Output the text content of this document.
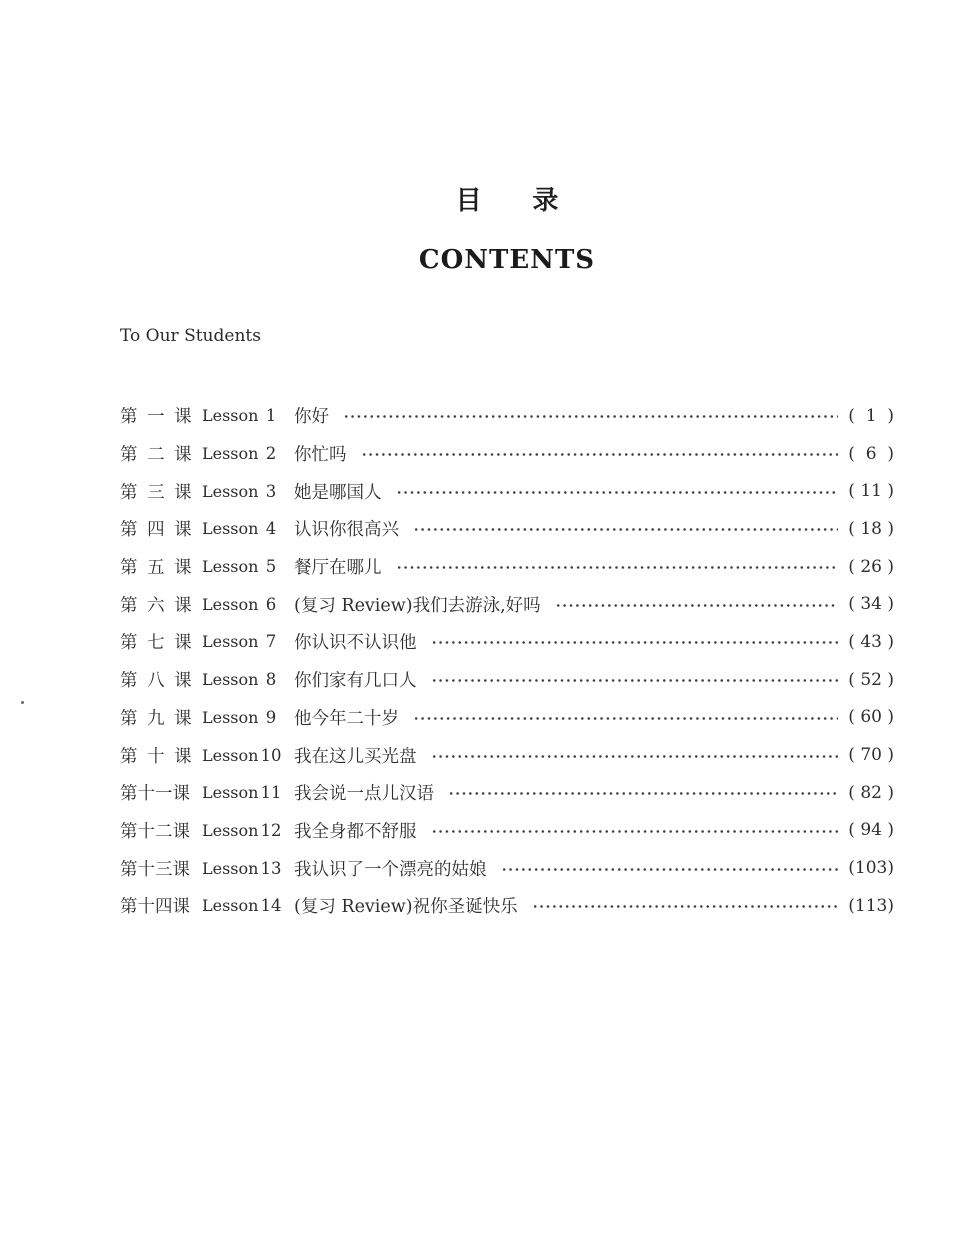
目 录
CONTENTS
To Our Students
第 一 课 Lesson 1	你好	(  1  )
第 二 课 Lesson 2	你忙吗	(  6  )
第 三 课 Lesson 3	她是哪国人	( 11 )
第 四 课 Lesson 4	认识你很高兴	( 18 )
第 五 课 Lesson 5	餐厅在哪儿	( 26 )
第 六 课 Lesson 6	(复习 Review)我们去游泳,好吗	( 34 )
第 七 课 Lesson 7	你认识不认识他	( 43 )
第 八 课 Lesson 8	你们家有几口人	( 52 )
第 九 课 Lesson 9	他今年二十岁	( 60 )
第 十 课 Lesson 10 我在这儿买光盘	( 70 )
第十一课 Lesson 11 我会说一点儿汉语	( 82 )
第十二课 Lesson 12 我全身都不舒服	( 94 )
第十三课 Lesson 13 我认识了一个漂亮的姑娘	(103)
第十四课 Lesson 14 (复习 Review)祝你圣诞快乐	(113)
